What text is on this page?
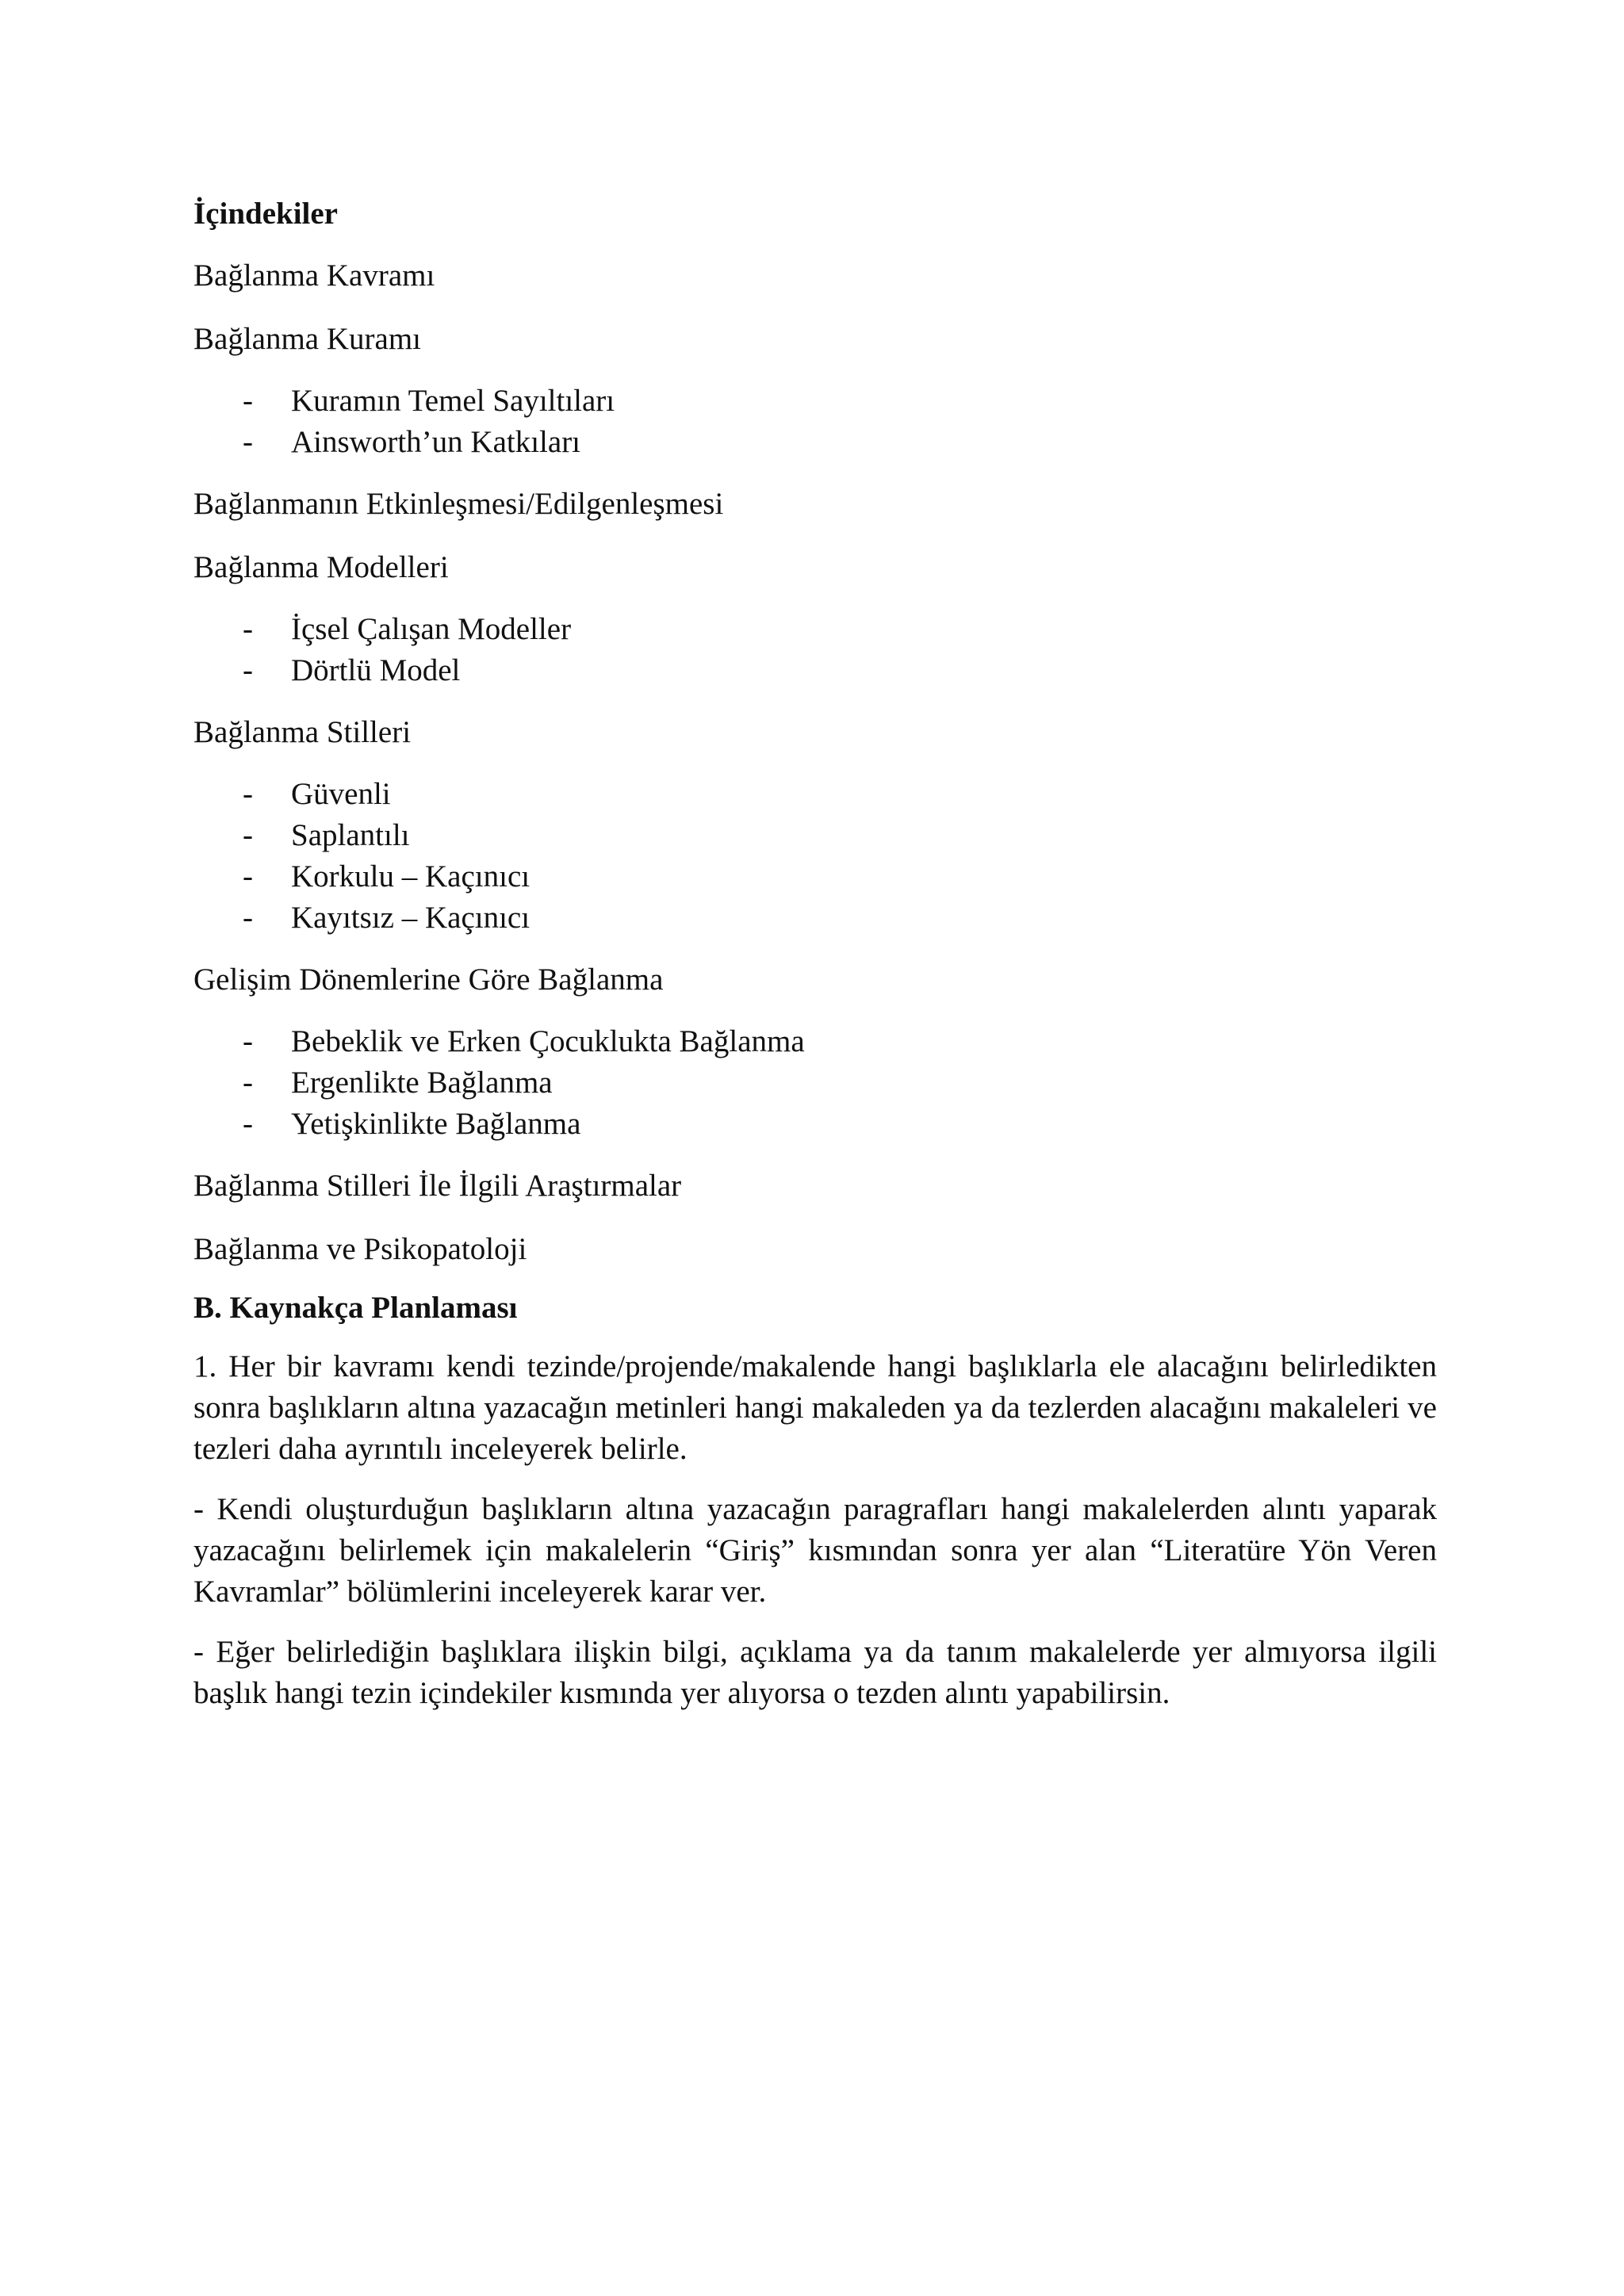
İçindekiler

Bağlanma Kavramı

Bağlanma Kuramı

- Kuramın Temel Sayıltıları
- Ainsworth’un Katkıları

Bağlanmanın Etkinleşmesi/Edilgenleşmesi

Bağlanma Modelleri

- İçsel Çalışan Modeller
- Dörtlü Model

Bağlanma Stilleri

- Güvenli
- Saplantılı
- Korkulu – Kaçınıcı
- Kayıtsız – Kaçınıcı

Gelişim Dönemlerine Göre Bağlanma

- Bebeklik ve Erken Çocuklukta Bağlanma
- Ergenlikte Bağlanma
- Yetişkinlikte Bağlanma

Bağlanma Stilleri İle İlgili Araştırmalar

Bağlanma ve Psikopatoloji

B. Kaynakça Planlaması

1. Her bir kavramı kendi tezinde/projende/makalende hangi başlıklarla ele alacağını belirledikten sonra başlıkların altına yazacağın metinleri hangi makaleden ya da tezlerden alacağını makaleleri ve tezleri daha ayrıntılı inceleyerek belirle.

- Kendi oluşturduğun başlıkların altına yazacağın paragrafları hangi makalelerden alıntı yaparak yazacağını belirlemek için makalelerin “Giriş” kısmından sonra yer alan “Literatüre Yön Veren Kavramlar” bölümlerini inceleyerek karar ver.

- Eğer belirlediğin başlıklara ilişkin bilgi, açıklama ya da tanım makalelerde yer almıyorsa ilgili başlık hangi tezin içindekiler kısmında yer alıyorsa o tezden alıntı yapabilirsin.
